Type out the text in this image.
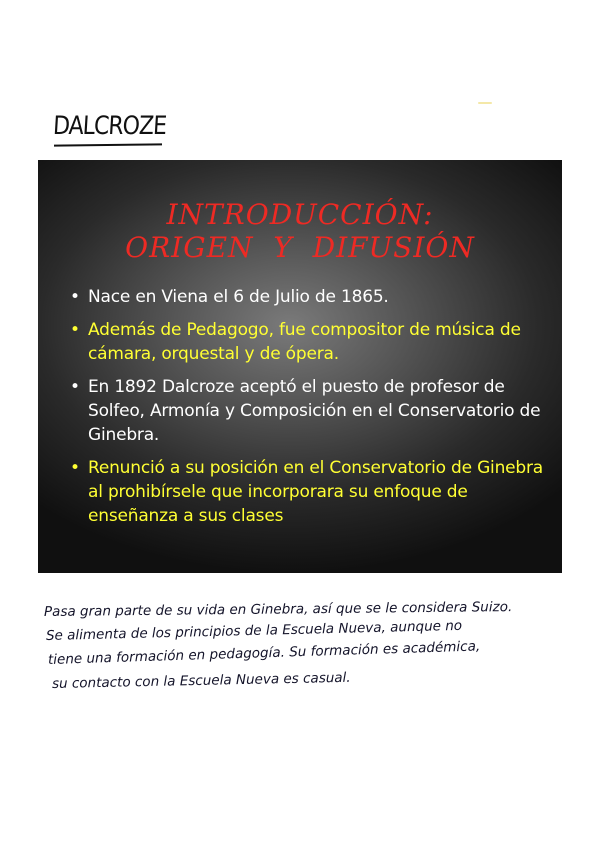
DALCROZE
INTRODUCCIÓN:
ORIGEN  Y  DIFUSIÓN
• Nace en Viena el 6 de Julio de 1865.
• Además de Pedagogo, fue compositor de música de cámara, orquestal y de ópera.
• En 1892 Dalcroze aceptó el puesto de profesor de Solfeo, Armonía y Composición en el Conservatorio de Ginebra.
• Renunció a su posición en el Conservatorio de Ginebra al prohibírsele que incorporara su enfoque de enseñanza a sus clases
Pasa gran parte de su vida en Ginebra, así que se le considera Suizo.
Se alimenta de los principios de la Escuela Nueva, aunque no
tiene una formación en pedagogía. Su formación es académica,
su contacto con la Escuela Nueva es casual.
